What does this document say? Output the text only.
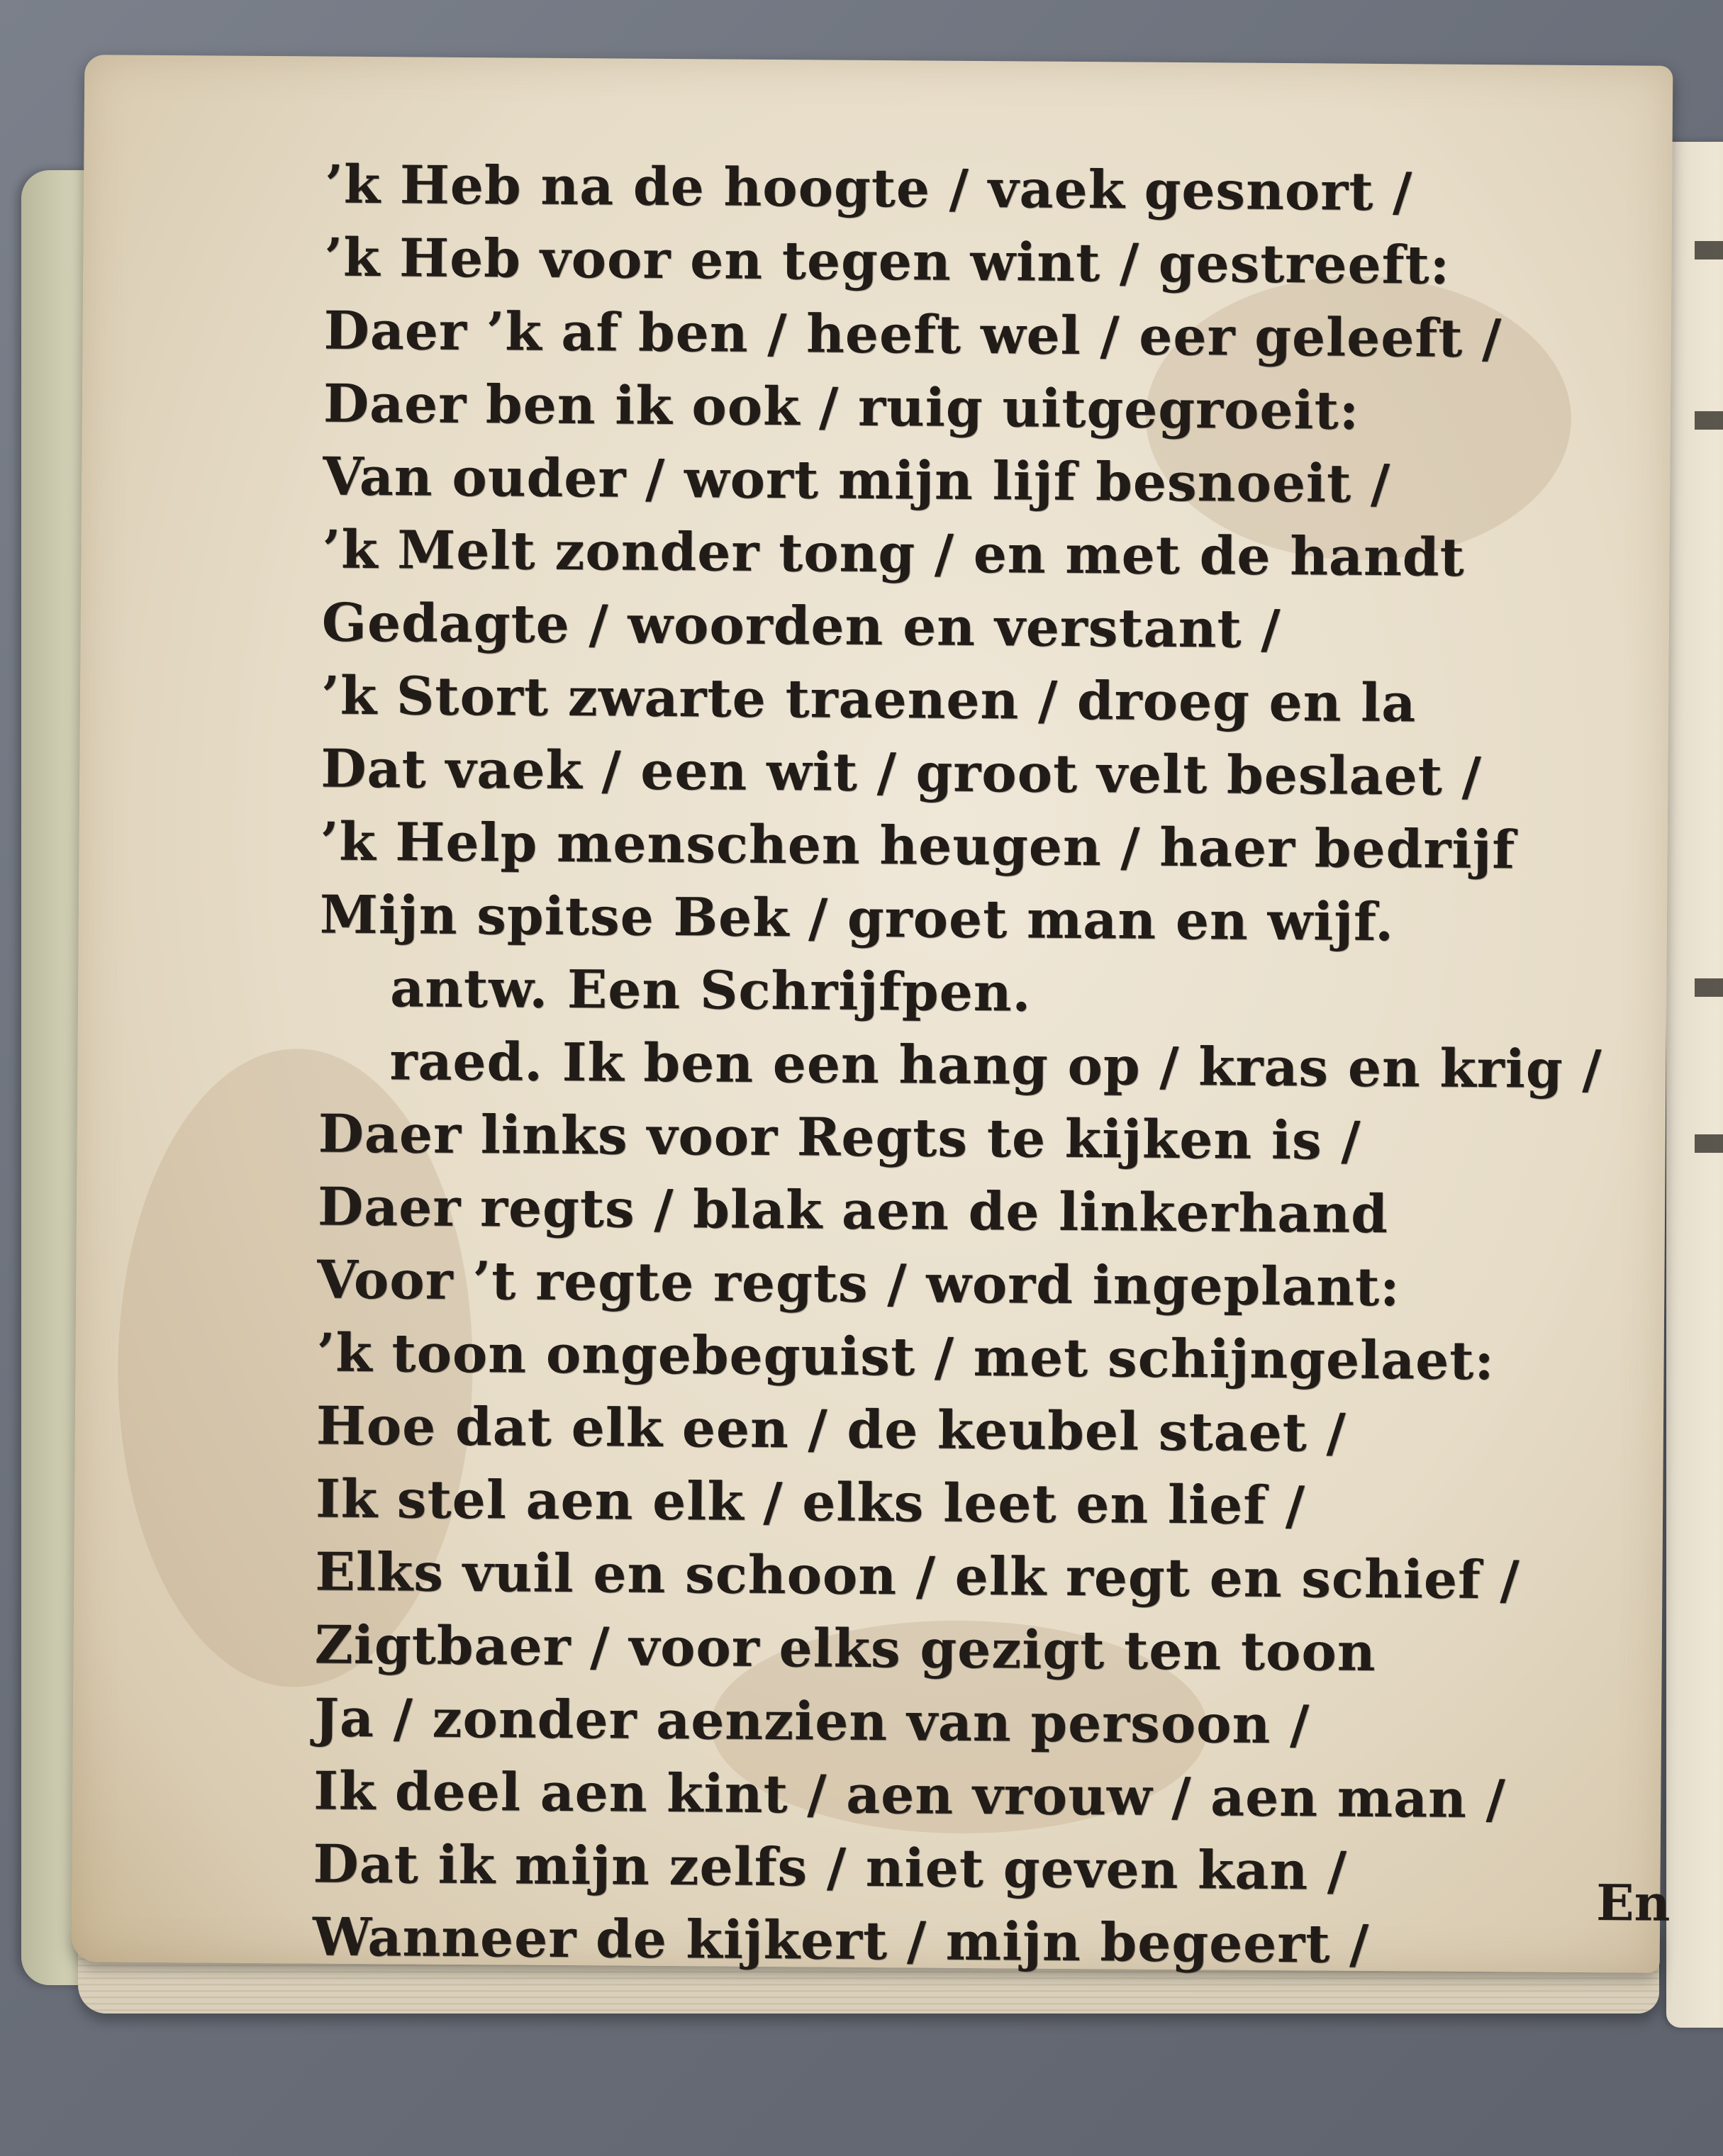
’k Heb na de hoogte / vaek gesnort /
’k Heb voor en tegen wint / gestreeft:
Daer ’k af ben / heeft wel / eer geleeft /
Daer ben ik ook / ruig uitgegroeit:
Van ouder / wort mijn lijf besnoeit /
’k Melt zonder tong / en met de handt
Gedagte / woorden en verstant /
’k Stort zwarte traenen / droeg en la
Dat vaek / een wit / groot velt beslaet /
’k Help menschen heugen / haer bedrijf
Mijn spitse Bek / groet man en wijf.
antw. Een Schrijfpen.
raed. Ik ben een hang op / kras en krig /
Daer links voor Regts te kijken is /
Daer regts / blak aen de linkerhand
Voor ’t regte regts / word ingeplant:
’k toon ongebeguist / met schijngelaet:
Hoe dat elk een / de keubel staet /
Ik stel aen elk / elks leet en lief /
Elks vuil en schoon / elk regt en schief /
Zigtbaer / voor elks gezigt ten toon
Ja / zonder aenzien van persoon /
Ik deel aen kint / aen vrouw / aen man /
Dat ik mijn zelfs / niet geven kan /
Wanneer de kijkert / mijn begeert /
En
